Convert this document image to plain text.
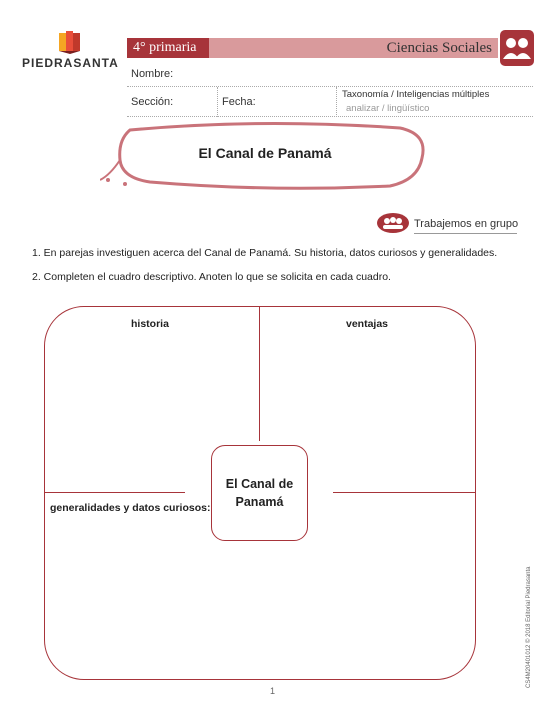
PIEDRASANTA
4° primaria	Ciencias Sociales
Nombre:
Sección:	Fecha:
Taxonomía / Inteligencias múltiples
analizar / lingüístico
El Canal de Panamá
Trabajemos en grupo
1. En parejas investiguen acerca del Canal de Panamá. Su historia, datos curiosos y generalidades.
2. Completen el cuadro descriptivo. Anoten lo que se solicita en cada cuadro.
historia	ventajas
generalidades y datos curiosos:
El Canal de
Panamá
1
CS4M20401012 © 2018 Editorial Piedrasanta
